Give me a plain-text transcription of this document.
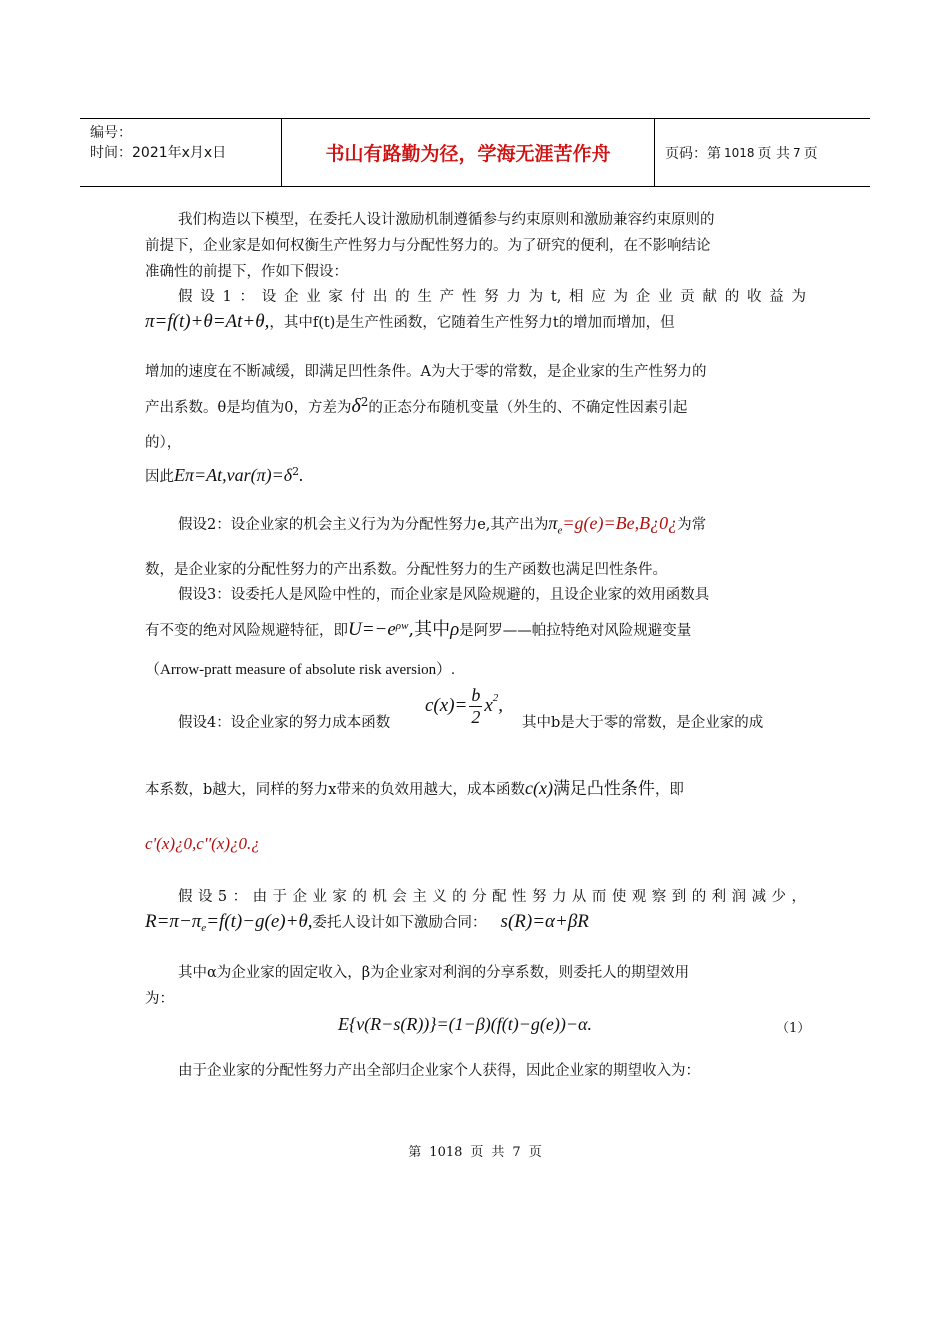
编号：
时间：2021年x月x日	书山有路勤为径，学海无涯苦作舟	页码：第 1018 页 共 7 页
我们构造以下模型，在委托人设计激励机制遵循参与约束原则和激励兼容约束原则的
前提下，企业家是如何权衡生产性努力与分配性努力的。为了研究的便利，在不影响结论
准确性的前提下，作如下假设：
假设1：设企业家付出的生产性努力为t,相应为企业贡献的收益为
π=f(t)+θ=At+θ,，其中f(t)是生产性函数，它随着生产性努力t的增加而增加，但
增加的速度在不断减缓，即满足凹性条件。A为大于零的常数，是企业家的生产性努力的
产出系数。θ是均值为0，方差为$\delta^2$的正态分布随机变量（外生的、不确定性因素引起
的），
因此$E\pi=At,var(\pi)=\delta^2$.
假设2：设企业家的机会主义行为为分配性努力e,其产出为$\pi_e=g(e)=Be,B¿0¿$为常
数，是企业家的分配性努力的产出系数。分配性努力的生产函数也满足凹性条件。
假设3：设委托人是风险中性的，而企业家是风险规避的，且设企业家的效用函数具
有不变的绝对风险规避特征，即$U=-e^{\rho w}$,其中ρ是阿罗——帕拉特绝对风险规避变量
（Arrow-pratt measure of absolute risk aversion）.
$c(x)= \frac{b}{2} x^2$ ,
假设4：设企业家的努力成本函数	其中b是大于零的常数，是企业家的成
本系数，b越大，同样的努力x带来的负效用越大，成本函数c(x)满足凸性条件，即
c'(x)¿0,c''(x)¿0.¿
假设5：由于企业家的机会主义的分配性努力从而使观察到的利润减少，
$R=\pi-\pi_e=f(t)-g(e)+\theta$,委托人设计如下激励合同： s(R)=α+βR
其中α为企业家的固定收入，β为企业家对利润的分享系数，则委托人的期望效用
为：
E{v(R−s(R))}=(1−β)(f(t)−g(e))−α.	（1）
由于企业家的分配性努力产出全部归企业家个人获得，因此企业家的期望收入为：
第 1018 页 共 7 页
